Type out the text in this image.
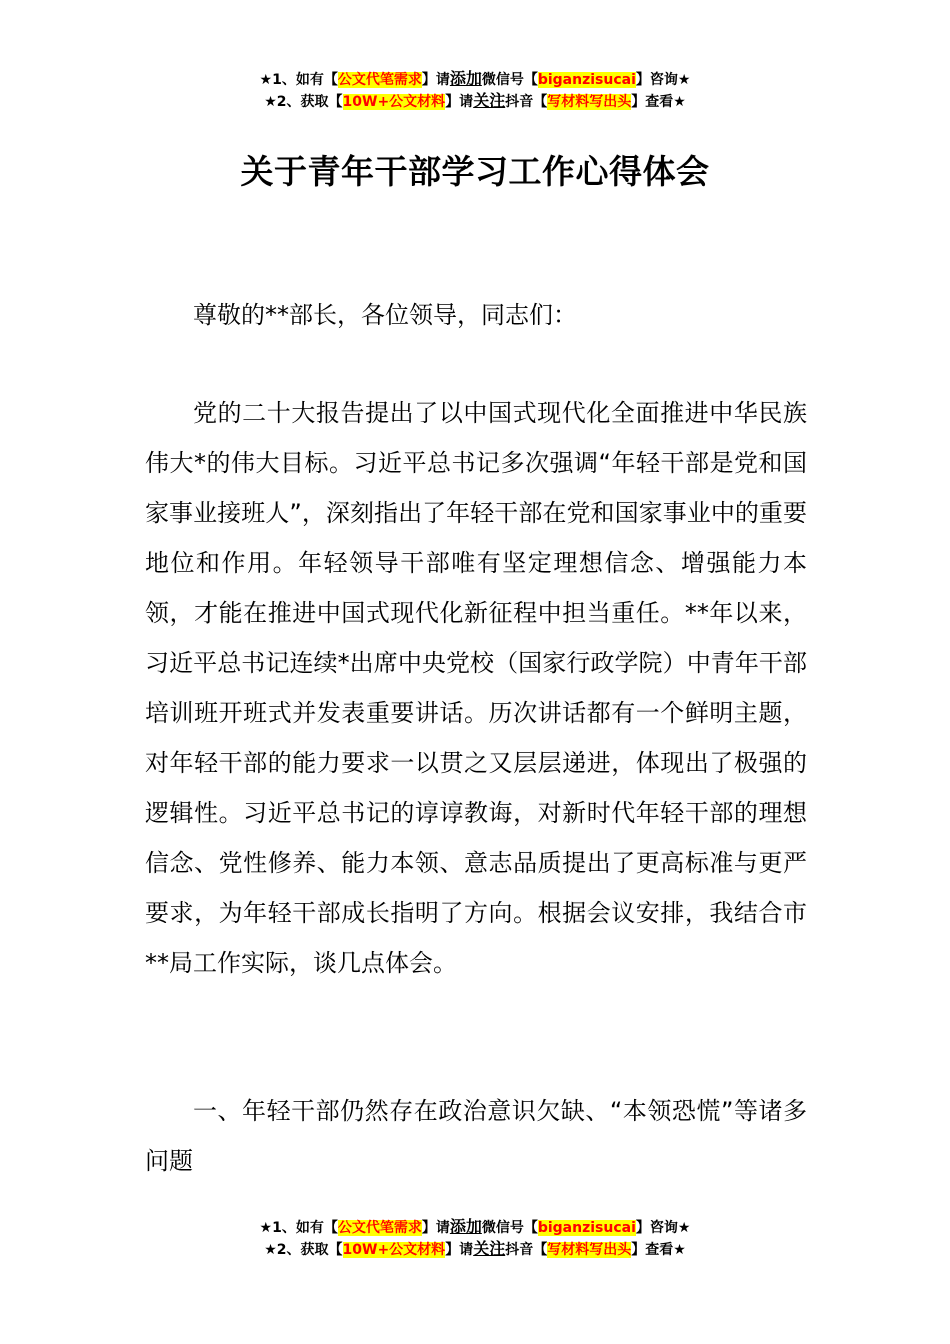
★1、如有【公文代笔需求】请添加微信号【biganzisucai】咨询★
★2、获取【10W+公文材料】请关注抖音【写材料写出头】查看★
关于青年干部学习工作心得体会

尊敬的**部长，各位领导，同志们：

党的二十大报告提出了以中国式现代化全面推进中华民族伟大*的伟大目标。习近平总书记多次强调“年轻干部是党和国家事业接班人”，深刻指出了年轻干部在党和国家事业中的重要地位和作用。年轻领导干部唯有坚定理想信念、增强能力本领，才能在推进中国式现代化新征程中担当重任。**年以来，习近平总书记连续*出席中央党校（国家行政学院）中青年干部培训班开班式并发表重要讲话。历次讲话都有一个鲜明主题，对年轻干部的能力要求一以贯之又层层递进，体现出了极强的逻辑性。习近平总书记的谆谆教诲，对新时代年轻干部的理想信念、党性修养、能力本领、意志品质提出了更高标准与更严要求，为年轻干部成长指明了方向。根据会议安排，我结合市**局工作实际，谈几点体会。

一、年轻干部仍然存在政治意识欠缺、“本领恐慌”等诸多问题

★1、如有【公文代笔需求】请添加微信号【biganzisucai】咨询★
★2、获取【10W+公文材料】请关注抖音【写材料写出头】查看★
